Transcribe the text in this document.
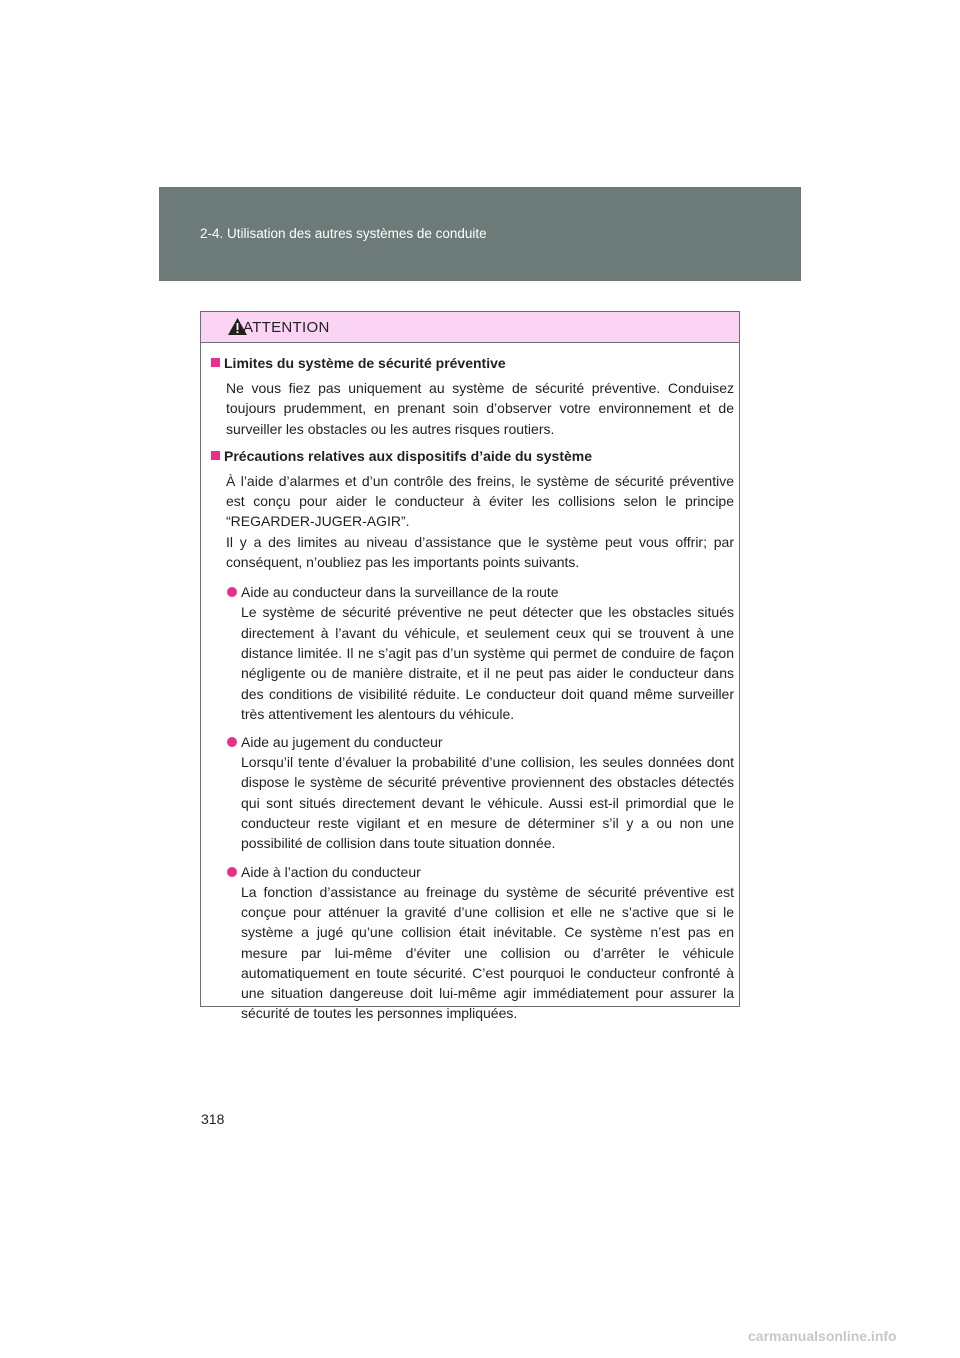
2-4. Utilisation des autres systèmes de conduite
ATTENTION
Limites du système de sécurité préventive

Ne vous fiez pas uniquement au système de sécurité préventive. Conduisez toujours prudemment, en prenant soin d’observer votre environnement et de surveiller les obstacles ou les autres risques routiers.

Précautions relatives aux dispositifs d’aide du système

À l’aide d’alarmes et d’un contrôle des freins, le système de sécurité préventive est conçu pour aider le conducteur à éviter les collisions selon le principe “REGARDER-JUGER-AGIR”.

Il y a des limites au niveau d’assistance que le système peut vous offrir; par conséquent, n’oubliez pas les importants points suivants.

Aide au conducteur dans la surveillance de la route
Le système de sécurité préventive ne peut détecter que les obstacles situés directement à l’avant du véhicule, et seulement ceux qui se trouvent à une distance limitée. Il ne s’agit pas d’un système qui permet de conduire de façon négligente ou de manière distraite, et il ne peut pas aider le conducteur dans des conditions de visibilité réduite. Le conducteur doit quand même surveiller très attentivement les alentours du véhicule.
Aide au jugement du conducteur
Lorsqu’il tente d’évaluer la probabilité d’une collision, les seules données dont dispose le système de sécurité préventive proviennent des obstacles détectés qui sont situés directement devant le véhicule. Aussi est-il primordial que le conducteur reste vigilant et en mesure de déterminer s’il y a ou non une possibilité de collision dans toute situation donnée.
Aide à l’action du conducteur
La fonction d’assistance au freinage du système de sécurité préventive est conçue pour atténuer la gravité d’une collision et elle ne s’active que si le système a jugé qu’une collision était inévitable. Ce système n’est pas en mesure par lui-même d’éviter une collision ou d’arrêter le véhicule automatiquement en toute sécurité. C’est pourquoi le conducteur confronté à une situation dangereuse doit lui-même agir immédiatement pour assurer la sécurité de toutes les personnes impliquées.
318
carmanualsonline.info
